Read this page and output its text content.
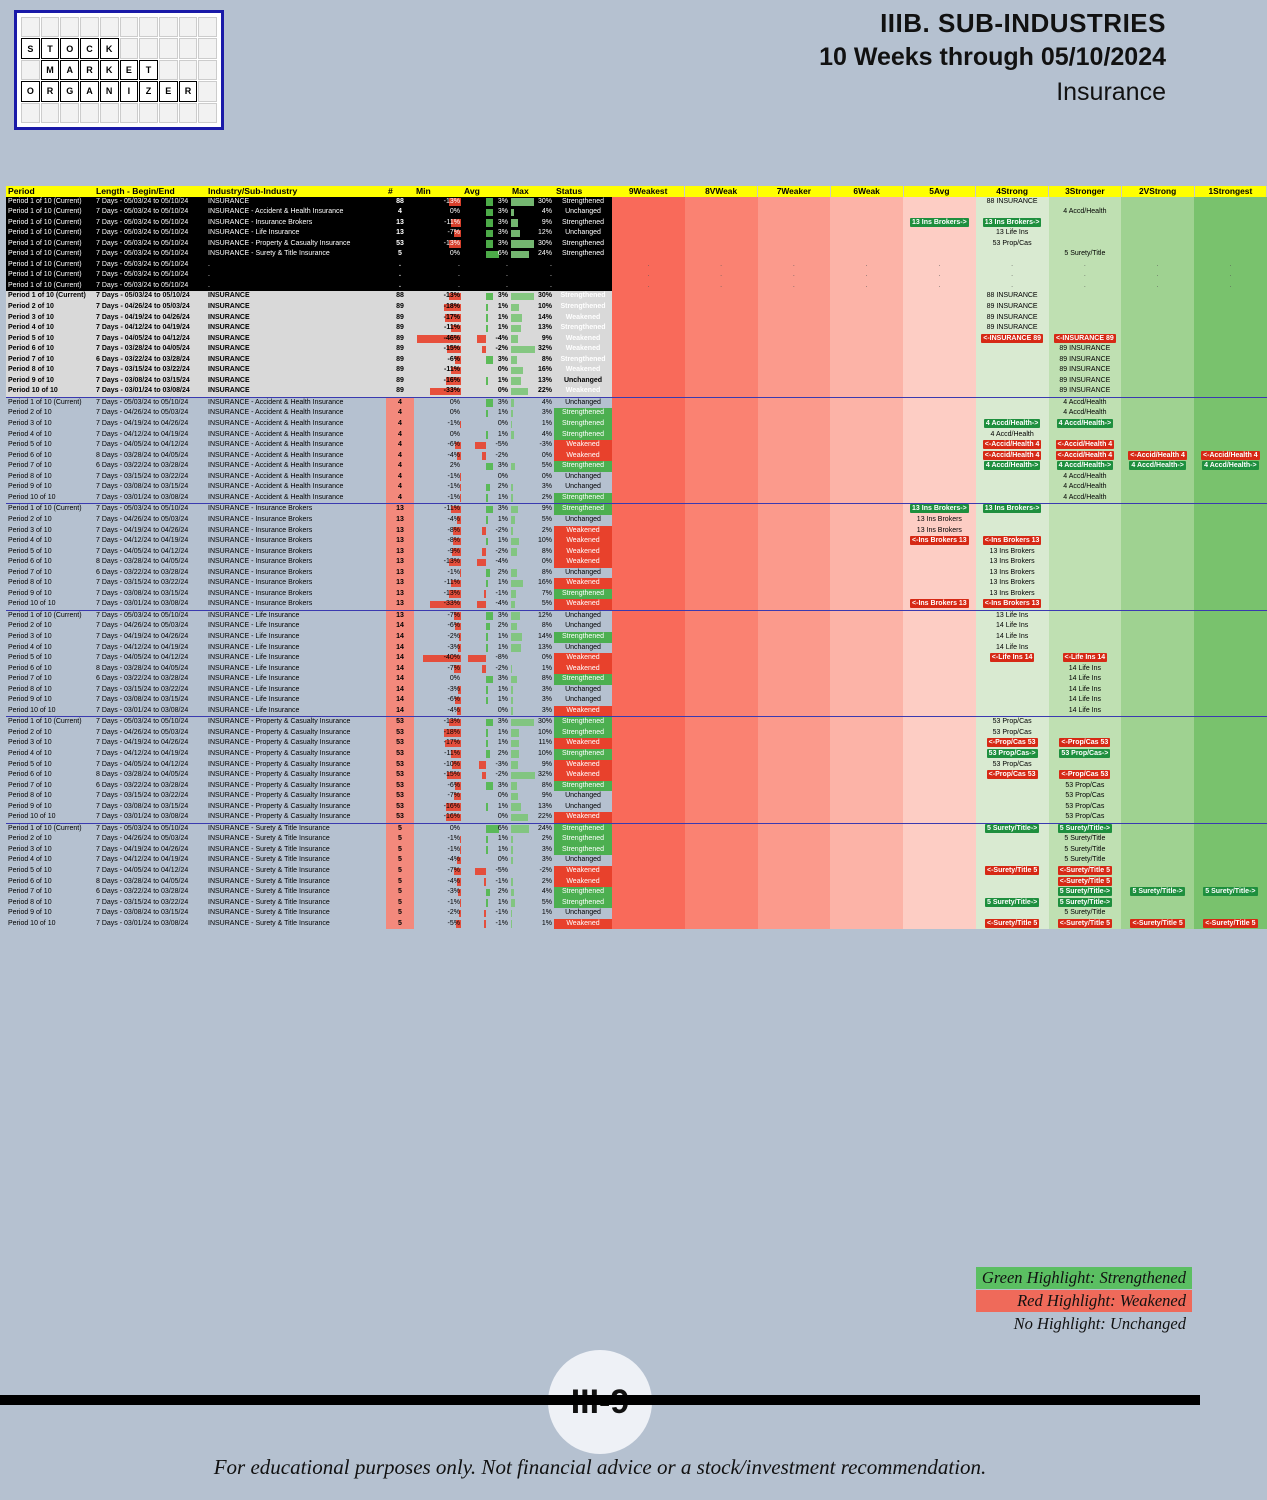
S	T	O	C	K
M	A	R	K	E	T
O	R	G	A	N	I	Z	E	R
IIIB. SUB-INDUSTRIES
10 Weeks through 05/10/2024
Insurance
Period	Length - Begin/End	Industry/Sub-Industry	#	Min	Avg	Max	Status	9Weakest	8VWeak	7Weaker	6Weak	5Avg	4Strong	3Stronger	2VStrong	1Strongest
Period 1 of 10 (Current)	7 Days - 05/03/24 to 05/10/24	INSURANCE	88	-13%	3%	30%	Strengthened						88 INSURANCE			
Period 1 of 10 (Current)	7 Days - 05/03/24 to 05/10/24	INSURANCE - Accident & Health Insurance	4	0%	3%	4%	Unchanged							4 Accd/Health		
Period 1 of 10 (Current)	7 Days - 05/03/24 to 05/10/24	INSURANCE - Insurance Brokers	13	-11%	3%	9%	Strengthened					13 Ins Brokers->	13 Ins Brokers->			
Period 1 of 10 (Current)	7 Days - 05/03/24 to 05/10/24	INSURANCE - Life Insurance	13	-7%	3%	12%	Unchanged						13 Life Ins			
Period 1 of 10 (Current)	7 Days - 05/03/24 to 05/10/24	INSURANCE - Property & Casualty Insurance	53	-13%	3%	30%	Strengthened						53 Prop/Cas			
Period 1 of 10 (Current)	7 Days - 05/03/24 to 05/10/24	INSURANCE - Surety & Title Insurance	5	0%	6%	24%	Strengthened							5 Surety/Title		
Period 1 of 10 (Current)	7 Days - 05/03/24 to 05/10/24	.	.	.	.	.		.	.	.	.	.	.	.	.	.
Period 1 of 10 (Current)	7 Days - 05/03/24 to 05/10/24	.	.	.	.	.		.	.	.	.	.	.	.	.	.
Period 1 of 10 (Current)	7 Days - 05/03/24 to 05/10/24	.	.	.	.	.		.	.	.	.	.	.	.	.	.
Period 1 of 10 (Current)	7 Days - 05/03/24 to 05/10/24	INSURANCE	88	-13%	3%	30%	Strengthened						88 INSURANCE			
Period 2 of 10	7 Days - 04/26/24 to 05/03/24	INSURANCE	89	-18%	1%	10%	Strengthened						89 INSURANCE			
Period 3 of 10	7 Days - 04/19/24 to 04/26/24	INSURANCE	89	-17%	1%	14%	Weakened						89 INSURANCE			
Period 4 of 10	7 Days - 04/12/24 to 04/19/24	INSURANCE	89	-11%	1%	13%	Strengthened						89 INSURANCE			
Period 5 of 10	7 Days - 04/05/24 to 04/12/24	INSURANCE	89	-46%	-4%	9%	Weakened						<-INSURANCE 89	<-INSURANCE 89		
Period 6 of 10	7 Days - 03/28/24 to 04/05/24	INSURANCE	89	-15%	-2%	32%	Weakened							89 INSURANCE		
Period 7 of 10	6 Days - 03/22/24 to 03/28/24	INSURANCE	89	-6%	3%	8%	Strengthened							89 INSURANCE		
Period 8 of 10	7 Days - 03/15/24 to 03/22/24	INSURANCE	89	-11%	0%	16%	Weakened							89 INSURANCE		
Period 9 of 10	7 Days - 03/08/24 to 03/15/24	INSURANCE	89	-16%	1%	13%	Unchanged							89 INSURANCE		
Period 10 of 10	7 Days - 03/01/24 to 03/08/24	INSURANCE	89	-33%	0%	22%	Weakened							89 INSURANCE		
Period 1 of 10 (Current)	7 Days - 05/03/24 to 05/10/24	INSURANCE - Accident & Health Insurance	4	0%	3%	4%	Unchanged							4 Accd/Health		
Period 2 of 10	7 Days - 04/26/24 to 05/03/24	INSURANCE - Accident & Health Insurance	4	0%	1%	3%	Strengthened							4 Accd/Health		
Period 3 of 10	7 Days - 04/19/24 to 04/26/24	INSURANCE - Accident & Health Insurance	4	-1%	0%	1%	Strengthened						4 Accd/Health->	4 Accd/Health->		
Period 4 of 10	7 Days - 04/12/24 to 04/19/24	INSURANCE - Accident & Health Insurance	4	0%	1%	4%	Strengthened						4 Accd/Health			
Period 5 of 10	7 Days - 04/05/24 to 04/12/24	INSURANCE - Accident & Health Insurance	4	-6%	-5%	-3%	Weakened						<-Accid/Health 4	<-Accid/Health 4		
Period 6 of 10	8 Days - 03/28/24 to 04/05/24	INSURANCE - Accident & Health Insurance	4	-4%	-2%	0%	Weakened						<-Accid/Health 4	<-Accid/Health 4	<-Accid/Health 4	<-Accid/Health 4
Period 7 of 10	6 Days - 03/22/24 to 03/28/24	INSURANCE - Accident & Health Insurance	4	2%	3%	5%	Strengthened						4 Accd/Health->	4 Accd/Health->	4 Accd/Health->	4 Accd/Health->
Period 8 of 10	7 Days - 03/15/24 to 03/22/24	INSURANCE - Accident & Health Insurance	4	-1%	0%	0%	Unchanged							4 Accd/Health		
Period 9 of 10	7 Days - 03/08/24 to 03/15/24	INSURANCE - Accident & Health Insurance	4	-1%	2%	3%	Unchanged							4 Accd/Health		
Period 10 of 10	7 Days - 03/01/24 to 03/08/24	INSURANCE - Accident & Health Insurance	4	-1%	1%	2%	Strengthened							4 Accd/Health		
Period 1 of 10 (Current)	7 Days - 05/03/24 to 05/10/24	INSURANCE - Insurance Brokers	13	-11%	3%	9%	Strengthened					13 Ins Brokers->	13 Ins Brokers->			
Period 2 of 10	7 Days - 04/26/24 to 05/03/24	INSURANCE - Insurance Brokers	13	-4%	1%	5%	Unchanged					13 Ins Brokers				
Period 3 of 10	7 Days - 04/19/24 to 04/26/24	INSURANCE - Insurance Brokers	13	-8%	-2%	2%	Weakened					13 Ins Brokers				
Period 4 of 10	7 Days - 04/12/24 to 04/19/24	INSURANCE - Insurance Brokers	13	-8%	1%	10%	Weakened					<-Ins Brokers 13	<-Ins Brokers 13			
Period 5 of 10	7 Days - 04/05/24 to 04/12/24	INSURANCE - Insurance Brokers	13	-9%	-2%	8%	Weakened						13 Ins Brokers			
Period 6 of 10	8 Days - 03/28/24 to 04/05/24	INSURANCE - Insurance Brokers	13	-13%	-4%	0%	Weakened						13 Ins Brokers			
Period 7 of 10	6 Days - 03/22/24 to 03/28/24	INSURANCE - Insurance Brokers	13	-1%	2%	8%	Unchanged						13 Ins Brokers			
Period 8 of 10	7 Days - 03/15/24 to 03/22/24	INSURANCE - Insurance Brokers	13	-11%	1%	16%	Weakened						13 Ins Brokers			
Period 9 of 10	7 Days - 03/08/24 to 03/15/24	INSURANCE - Insurance Brokers	13	-13%	-1%	7%	Strengthened						13 Ins Brokers			
Period 10 of 10	7 Days - 03/01/24 to 03/08/24	INSURANCE - Insurance Brokers	13	-33%	-4%	5%	Weakened					<-Ins Brokers 13	<-Ins Brokers 13			
Period 1 of 10 (Current)	7 Days - 05/03/24 to 05/10/24	INSURANCE - Life Insurance	13	-7%	3%	12%	Unchanged						13 Life Ins			
Period 2 of 10	7 Days - 04/26/24 to 05/03/24	INSURANCE - Life Insurance	14	-6%	2%	8%	Unchanged						14 Life Ins			
Period 3 of 10	7 Days - 04/19/24 to 04/26/24	INSURANCE - Life Insurance	14	-2%	1%	14%	Strengthened						14 Life Ins			
Period 4 of 10	7 Days - 04/12/24 to 04/19/24	INSURANCE - Life Insurance	14	-3%	1%	13%	Unchanged						14 Life Ins			
Period 5 of 10	7 Days - 04/05/24 to 04/12/24	INSURANCE - Life Insurance	14	-40%	-8%	0%	Weakened						<-Life Ins 14	<-Life Ins 14		
Period 6 of 10	8 Days - 03/28/24 to 04/05/24	INSURANCE - Life Insurance	14	-7%	-2%	1%	Weakened							14 Life Ins		
Period 7 of 10	6 Days - 03/22/24 to 03/28/24	INSURANCE - Life Insurance	14	0%	3%	8%	Strengthened							14 Life Ins		
Period 8 of 10	7 Days - 03/15/24 to 03/22/24	INSURANCE - Life Insurance	14	-3%	1%	3%	Unchanged							14 Life Ins		
Period 9 of 10	7 Days - 03/08/24 to 03/15/24	INSURANCE - Life Insurance	14	-6%	1%	3%	Unchanged							14 Life Ins		
Period 10 of 10	7 Days - 03/01/24 to 03/08/24	INSURANCE - Life Insurance	14	-4%	0%	3%	Weakened							14 Life Ins		
Period 1 of 10 (Current)	7 Days - 05/03/24 to 05/10/24	INSURANCE - Property & Casualty Insurance	53	-13%	3%	30%	Strengthened						53 Prop/Cas			
Period 2 of 10	7 Days - 04/26/24 to 05/03/24	INSURANCE - Property & Casualty Insurance	53	-18%	1%	10%	Strengthened						53 Prop/Cas			
Period 3 of 10	7 Days - 04/19/24 to 04/26/24	INSURANCE - Property & Casualty Insurance	53	-17%	1%	11%	Weakened						<-Prop/Cas 53	<-Prop/Cas 53		
Period 4 of 10	7 Days - 04/12/24 to 04/19/24	INSURANCE - Property & Casualty Insurance	53	-11%	2%	10%	Strengthened						53 Prop/Cas->	53 Prop/Cas->		
Period 5 of 10	7 Days - 04/05/24 to 04/12/24	INSURANCE - Property & Casualty Insurance	53	-10%	-3%	9%	Weakened						53 Prop/Cas			
Period 6 of 10	8 Days - 03/28/24 to 04/05/24	INSURANCE - Property & Casualty Insurance	53	-15%	-2%	32%	Weakened						<-Prop/Cas 53	<-Prop/Cas 53		
Period 7 of 10	6 Days - 03/22/24 to 03/28/24	INSURANCE - Property & Casualty Insurance	53	-6%	3%	8%	Strengthened							53 Prop/Cas		
Period 8 of 10	7 Days - 03/15/24 to 03/22/24	INSURANCE - Property & Casualty Insurance	53	-7%	0%	9%	Unchanged							53 Prop/Cas		
Period 9 of 10	7 Days - 03/08/24 to 03/15/24	INSURANCE - Property & Casualty Insurance	53	-16%	1%	13%	Unchanged							53 Prop/Cas		
Period 10 of 10	7 Days - 03/01/24 to 03/08/24	INSURANCE - Property & Casualty Insurance	53	-16%	0%	22%	Weakened							53 Prop/Cas		
Period 1 of 10 (Current)	7 Days - 05/03/24 to 05/10/24	INSURANCE - Surety & Title Insurance	5	0%	6%	24%	Strengthened						5 Surety/Title->	5 Surety/Title->		
Period 2 of 10	7 Days - 04/26/24 to 05/03/24	INSURANCE - Surety & Title Insurance	5	-1%	1%	2%	Strengthened							5 Surety/Title		
Period 3 of 10	7 Days - 04/19/24 to 04/26/24	INSURANCE - Surety & Title Insurance	5	-1%	1%	3%	Strengthened							5 Surety/Title		
Period 4 of 10	7 Days - 04/12/24 to 04/19/24	INSURANCE - Surety & Title Insurance	5	-4%	0%	3%	Unchanged							5 Surety/Title		
Period 5 of 10	7 Days - 04/05/24 to 04/12/24	INSURANCE - Surety & Title Insurance	5	-7%	-5%	-2%	Weakened						<-Surety/Title 5	<-Surety/Title 5		
Period 6 of 10	8 Days - 03/28/24 to 04/05/24	INSURANCE - Surety & Title Insurance	5	-4%	-1%	2%	Weakened							<-Surety/Title 5		
Period 7 of 10	6 Days - 03/22/24 to 03/28/24	INSURANCE - Surety & Title Insurance	5	-3%	2%	4%	Strengthened							5 Surety/Title->	5 Surety/Title->	5 Surety/Title->
Period 8 of 10	7 Days - 03/15/24 to 03/22/24	INSURANCE - Surety & Title Insurance	5	-1%	1%	5%	Strengthened						5 Surety/Title->	5 Surety/Title->		
Period 9 of 10	7 Days - 03/08/24 to 03/15/24	INSURANCE - Surety & Title Insurance	5	-2%	-1%	1%	Unchanged							5 Surety/Title		
Period 10 of 10	7 Days - 03/01/24 to 03/08/24	INSURANCE - Surety & Title Insurance	5	-5%	-1%	1%	Weakened						<-Surety/Title 5	<-Surety/Title 5	<-Surety/Title 5	<-Surety/Title 5
Green Highlight: Strengthened
Red Highlight: Weakened
No Highlight: Unchanged
For educational purposes only. Not financial advice or a stock/investment recommendation.
